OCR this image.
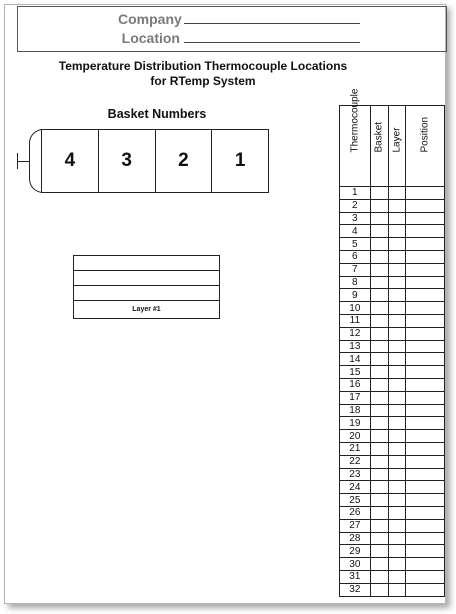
Company
Location
Temperature Distribution Thermocouple Locations
for RTemp System
Basket Numbers
4	3	2	1
Layer #1
Thermocouple	Basket	Layer	Position

1			
2			
3			
4			
5			
6			
7			
8			
9			
10			
11			
12			
13			
14			
15			
16			
17			
18			
19			
20			
21			
22			
23			
24			
25			
26			
27			
28			
29			
30			
31			
32			
